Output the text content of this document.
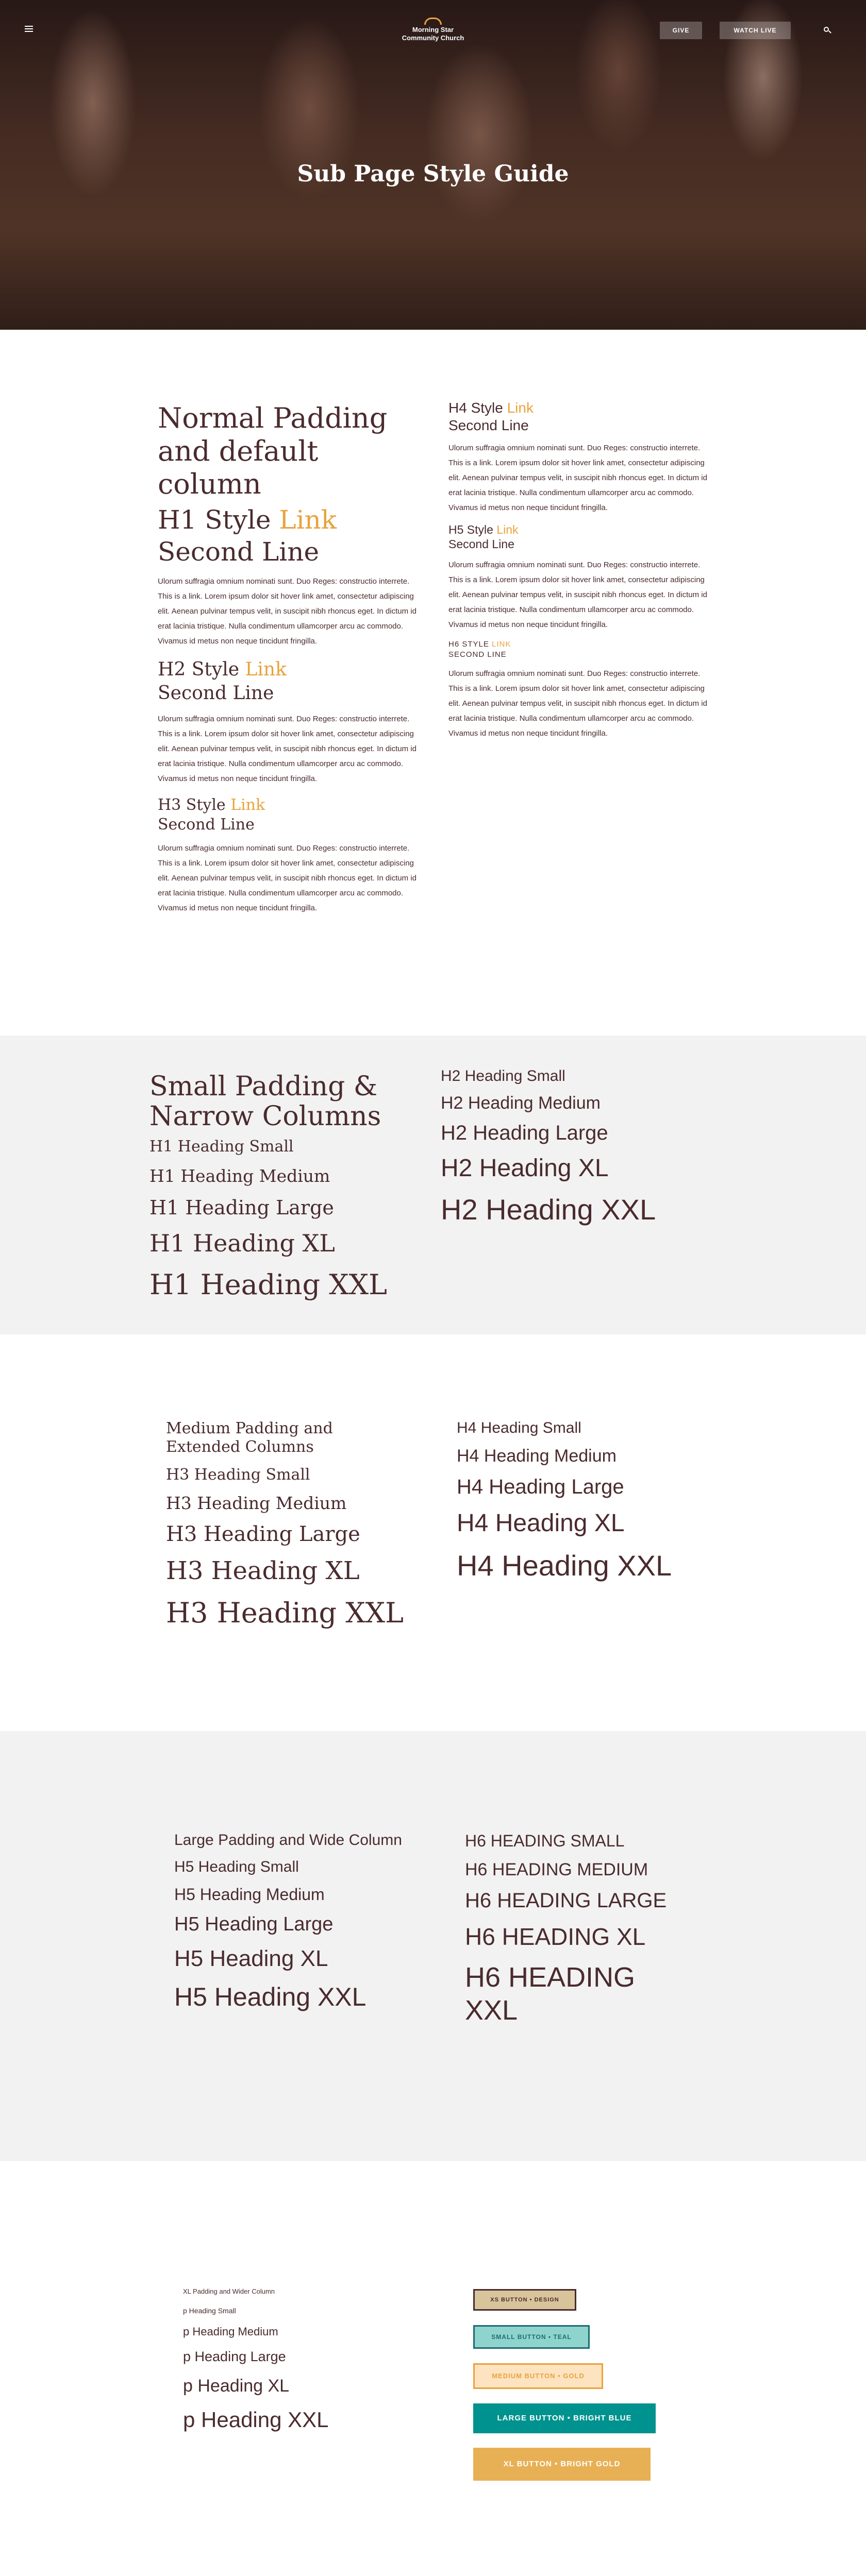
Morning Star
Community Church
GIVE	WATCH LIVE
Sub Page Style Guide
Normal Padding and default column
H1 Style Link
Second Line

Ulorum suffragia omnium nominati sunt. Duo Reges: constructio interrete. This is a link. Lorem ipsum dolor sit hover link amet, consectetur adipiscing elit. Aenean pulvinar tempus velit, in suscipit nibh rhoncus eget. In dictum id erat lacinia tristique. Nulla condimentum ullamcorper arcu ac commodo. Vivamus id metus non neque tincidunt fringilla.

H2 Style Link
Second Line

Ulorum suffragia omnium nominati sunt. Duo Reges: constructio interrete. This is a link. Lorem ipsum dolor sit hover link amet, consectetur adipiscing elit. Aenean pulvinar tempus velit, in suscipit nibh rhoncus eget. In dictum id erat lacinia tristique. Nulla condimentum ullamcorper arcu ac commodo. Vivamus id metus non neque tincidunt fringilla.

H3 Style Link
Second Line

Ulorum suffragia omnium nominati sunt. Duo Reges: constructio interrete. This is a link. Lorem ipsum dolor sit hover link amet, consectetur adipiscing elit. Aenean pulvinar tempus velit, in suscipit nibh rhoncus eget. In dictum id erat lacinia tristique. Nulla condimentum ullamcorper arcu ac commodo. Vivamus id metus non neque tincidunt fringilla.

H4 Style Link
Second Line

Ulorum suffragia omnium nominati sunt. Duo Reges: constructio interrete. This is a link. Lorem ipsum dolor sit hover link amet, consectetur adipiscing elit. Aenean pulvinar tempus velit, in suscipit nibh rhoncus eget. In dictum id erat lacinia tristique. Nulla condimentum ullamcorper arcu ac commodo. Vivamus id metus non neque tincidunt fringilla.

H5 Style Link
Second Line

Ulorum suffragia omnium nominati sunt. Duo Reges: constructio interrete. This is a link. Lorem ipsum dolor sit hover link amet, consectetur adipiscing elit. Aenean pulvinar tempus velit, in suscipit nibh rhoncus eget. In dictum id erat lacinia tristique. Nulla condimentum ullamcorper arcu ac commodo. Vivamus id metus non neque tincidunt fringilla.

H6 STYLE LINK
SECOND LINE

Ulorum suffragia omnium nominati sunt. Duo Reges: constructio interrete. This is a link. Lorem ipsum dolor sit hover link amet, consectetur adipiscing elit. Aenean pulvinar tempus velit, in suscipit nibh rhoncus eget. In dictum id erat lacinia tristique. Nulla condimentum ullamcorper arcu ac commodo. Vivamus id metus non neque tincidunt fringilla.

Small Padding & Narrow Columns
H1 Heading Small
H1 Heading Medium
H1 Heading Large
H1 Heading XL
H1 Heading XXL
H2 Heading Small
H2 Heading Medium
H2 Heading Large
H2 Heading XL
H2 Heading XXL
Medium Padding and Extended Columns
H3 Heading Small
H3 Heading Medium
H3 Heading Large
H3 Heading XL
H3 Heading XXL
H4 Heading Small
H4 Heading Medium
H4 Heading Large
H4 Heading XL
H4 Heading XXL
Large Padding and Wide Column
H5 Heading Small
H5 Heading Medium
H5 Heading Large
H5 Heading XL
H5 Heading XXL
H6 HEADING SMALL
H6 HEADING MEDIUM
H6 HEADING LARGE
H6 HEADING XL
H6 HEADING XXL
XL Padding and Wider Column
p Heading Small
p Heading Medium
p Heading Large
p Heading XL
p Heading XXL
XS BUTTON • DESIGN
SMALL BUTTON • TEAL
MEDIUM BUTTON • GOLD
LARGE BUTTON • BRIGHT BLUE
XL BUTTON • BRIGHT GOLD
